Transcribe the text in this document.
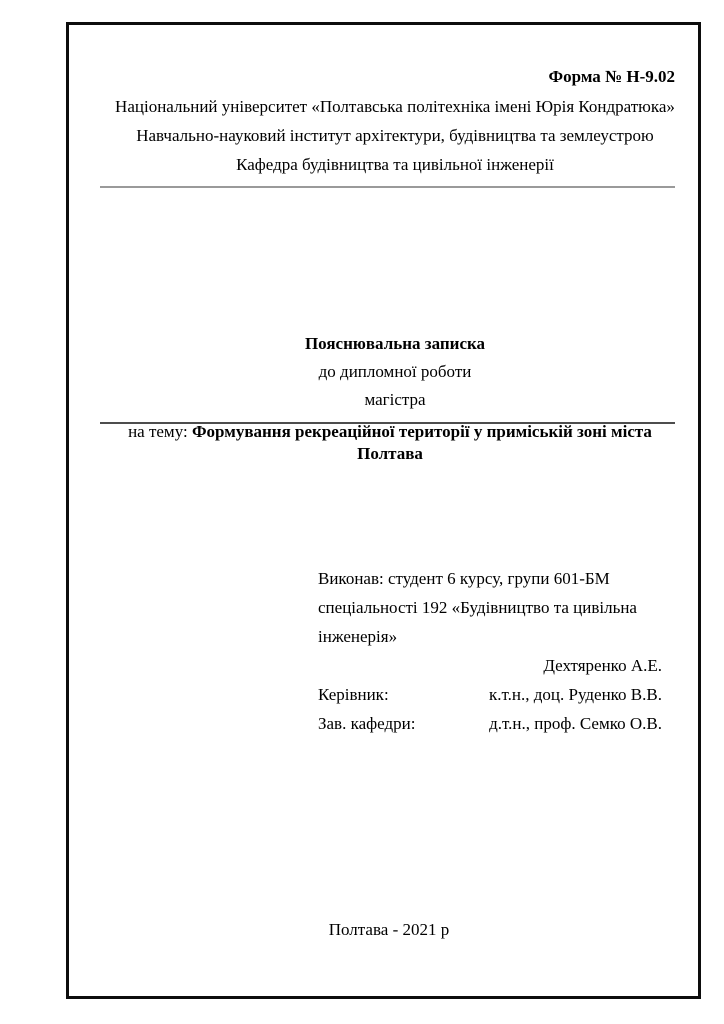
Форма № Н-9.02
Національний університет «Полтавська політехніка імені Юрія Кондратюка»
Навчально-науковий інститут архітектури, будівництва та землеустрою
Кафедра будівництва та цивільної інженерії
Пояснювальна записка
до дипломної роботи
магістра
на тему: Формування рекреаційної території у приміській зоні міста
Полтава
Виконав: студент 6 курсу, групи 601-БМ
спеціальності 192 «Будівництво та цивільна
інженерія»
Дехтяренко А.Е.
Керівник:	к.т.н., доц. Руденко В.В.
Зав. кафедри:	д.т.н., проф. Семко О.В.
Полтава - 2021 р
